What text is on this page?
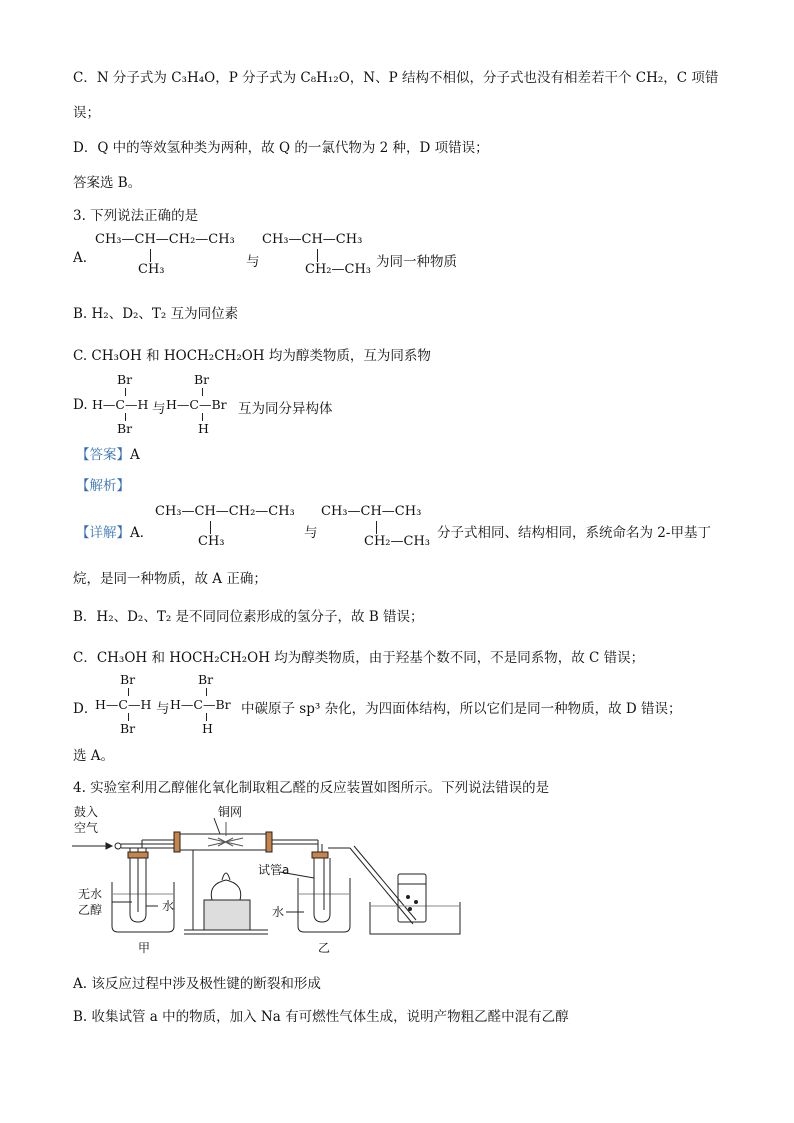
C．N 分子式为 C₃H₄O，P 分子式为 C₈H₁₂O，N、P 结构不相似，分子式也没有相差若干个 CH₂，C 项错
误；
D．Q 中的等效氢种类为两种，故 Q 的一氯代物为 2 种，D 项错误；
答案选 B。
3. 下列说法正确的是
A.
CH₃—CH—CH₂—CH₃
CH₃	与
CH₃—CH—CH₃
CH₂—CH₃ 为同一种物质
B. H₂、D₂、T₂ 互为同位素
C. CH₃OH 和 HOCH₂CH₂OH 均为醇类物质，互为同系物
D.
Br
H—C—H
Br
与
Br
H—C—Br
H
互为同分异构体
【答案】A
【解析】
【详解】A．
CH₃—CH—CH₂—CH₃
CH₃
与
CH₃—CH—CH₃
CH₂—CH₃
分子式相同、结构相同，系统命名为 2-甲基丁
烷，是同一种物质，故 A 正确；
B．H₂、D₂、T₂ 是不同同位素形成的氢分子，故 B 错误；
C．CH₃OH 和 HOCH₂CH₂OH 均为醇类物质，由于羟基个数不同，不是同系物，故 C 错误；
D．
Br
H—C—H
Br
与
Br
H—C—Br
H
中碳原子 sp³ 杂化，为四面体结构，所以它们是同一种物质，故 D 错误；
选 A。
4. 实验室利用乙醇催化氧化制取粗乙醛的反应装置如图所示。下列说法错误的是
鼓入
空气
铜网
试管a
无水
乙醇	水	水
甲	乙
A. 该反应过程中涉及极性键的断裂和形成
B. 收集试管 a 中的物质，加入 Na 有可燃性气体生成，说明产物粗乙醛中混有乙醇
